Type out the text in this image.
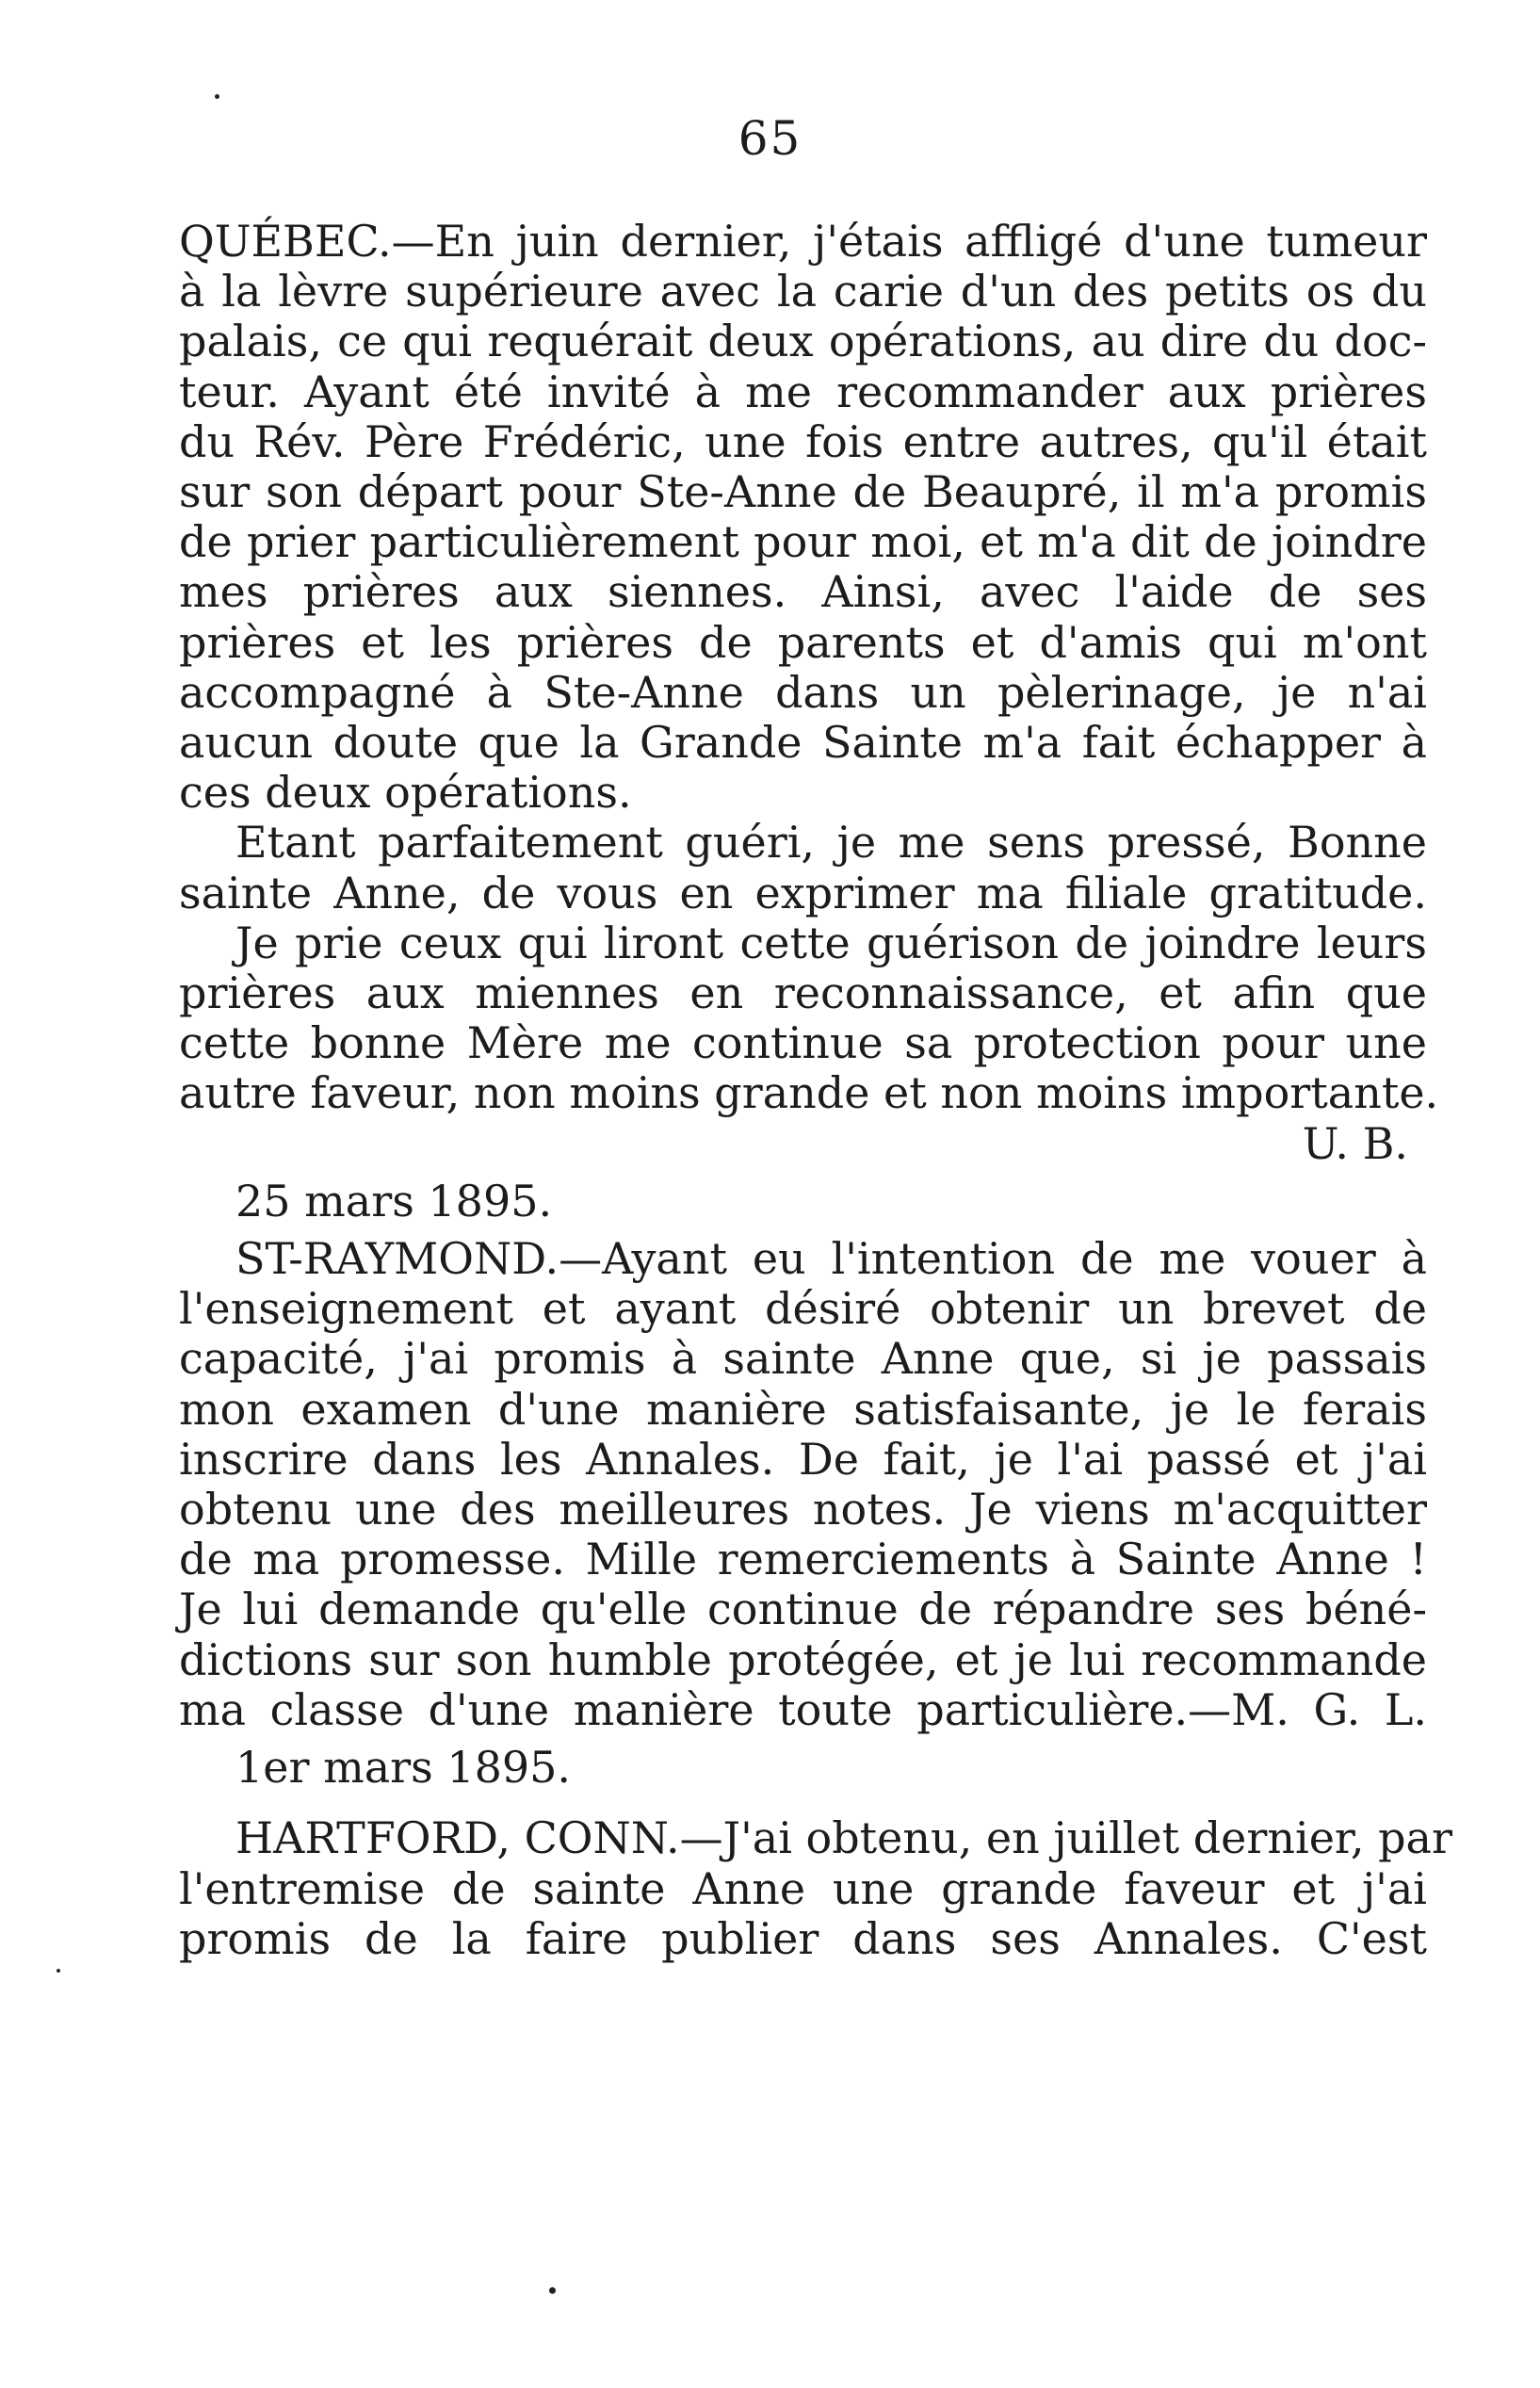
65
QUÉBEC.—En juin dernier, j'étais affligé d'une tumeur
à la lèvre supérieure avec la carie d'un des petits os du
palais, ce qui requérait deux opérations, au dire du doc-
teur. Ayant été invité à me recommander aux prières
du Rév. Père Frédéric, une fois entre autres, qu'il était
sur son départ pour Ste-Anne de Beaupré, il m'a promis
de prier particulièrement pour moi, et m'a dit de joindre
mes prières aux siennes. Ainsi, avec l'aide de ses
prières et les prières de parents et d'amis qui m'ont
accompagné à Ste-Anne dans un pèlerinage, je n'ai
aucun doute que la Grande Sainte m'a fait échapper à
ces deux opérations.
Etant parfaitement guéri, je me sens pressé, Bonne
sainte Anne, de vous en exprimer ma filiale gratitude.
Je prie ceux qui liront cette guérison de joindre leurs
prières aux miennes en reconnaissance, et afin que
cette bonne Mère me continue sa protection pour une
autre faveur, non moins grande et non moins importante.
U. B.
25 mars 1895.
ST-RAYMOND.—Ayant eu l'intention de me vouer à
l'enseignement et ayant désiré obtenir un brevet de
capacité, j'ai promis à sainte Anne que, si je passais
mon examen d'une manière satisfaisante, je le ferais
inscrire dans les Annales. De fait, je l'ai passé et j'ai
obtenu une des meilleures notes. Je viens m'acquitter
de ma promesse. Mille remerciements à Sainte Anne !
Je lui demande qu'elle continue de répandre ses béné-
dictions sur son humble protégée, et je lui recommande
ma classe d'une manière toute particulière.—M. G. L.
1er mars 1895.
HARTFORD, CONN.—J'ai obtenu, en juillet dernier, par
l'entremise de sainte Anne une grande faveur et j'ai
promis de la faire publier dans ses Annales. C'est
